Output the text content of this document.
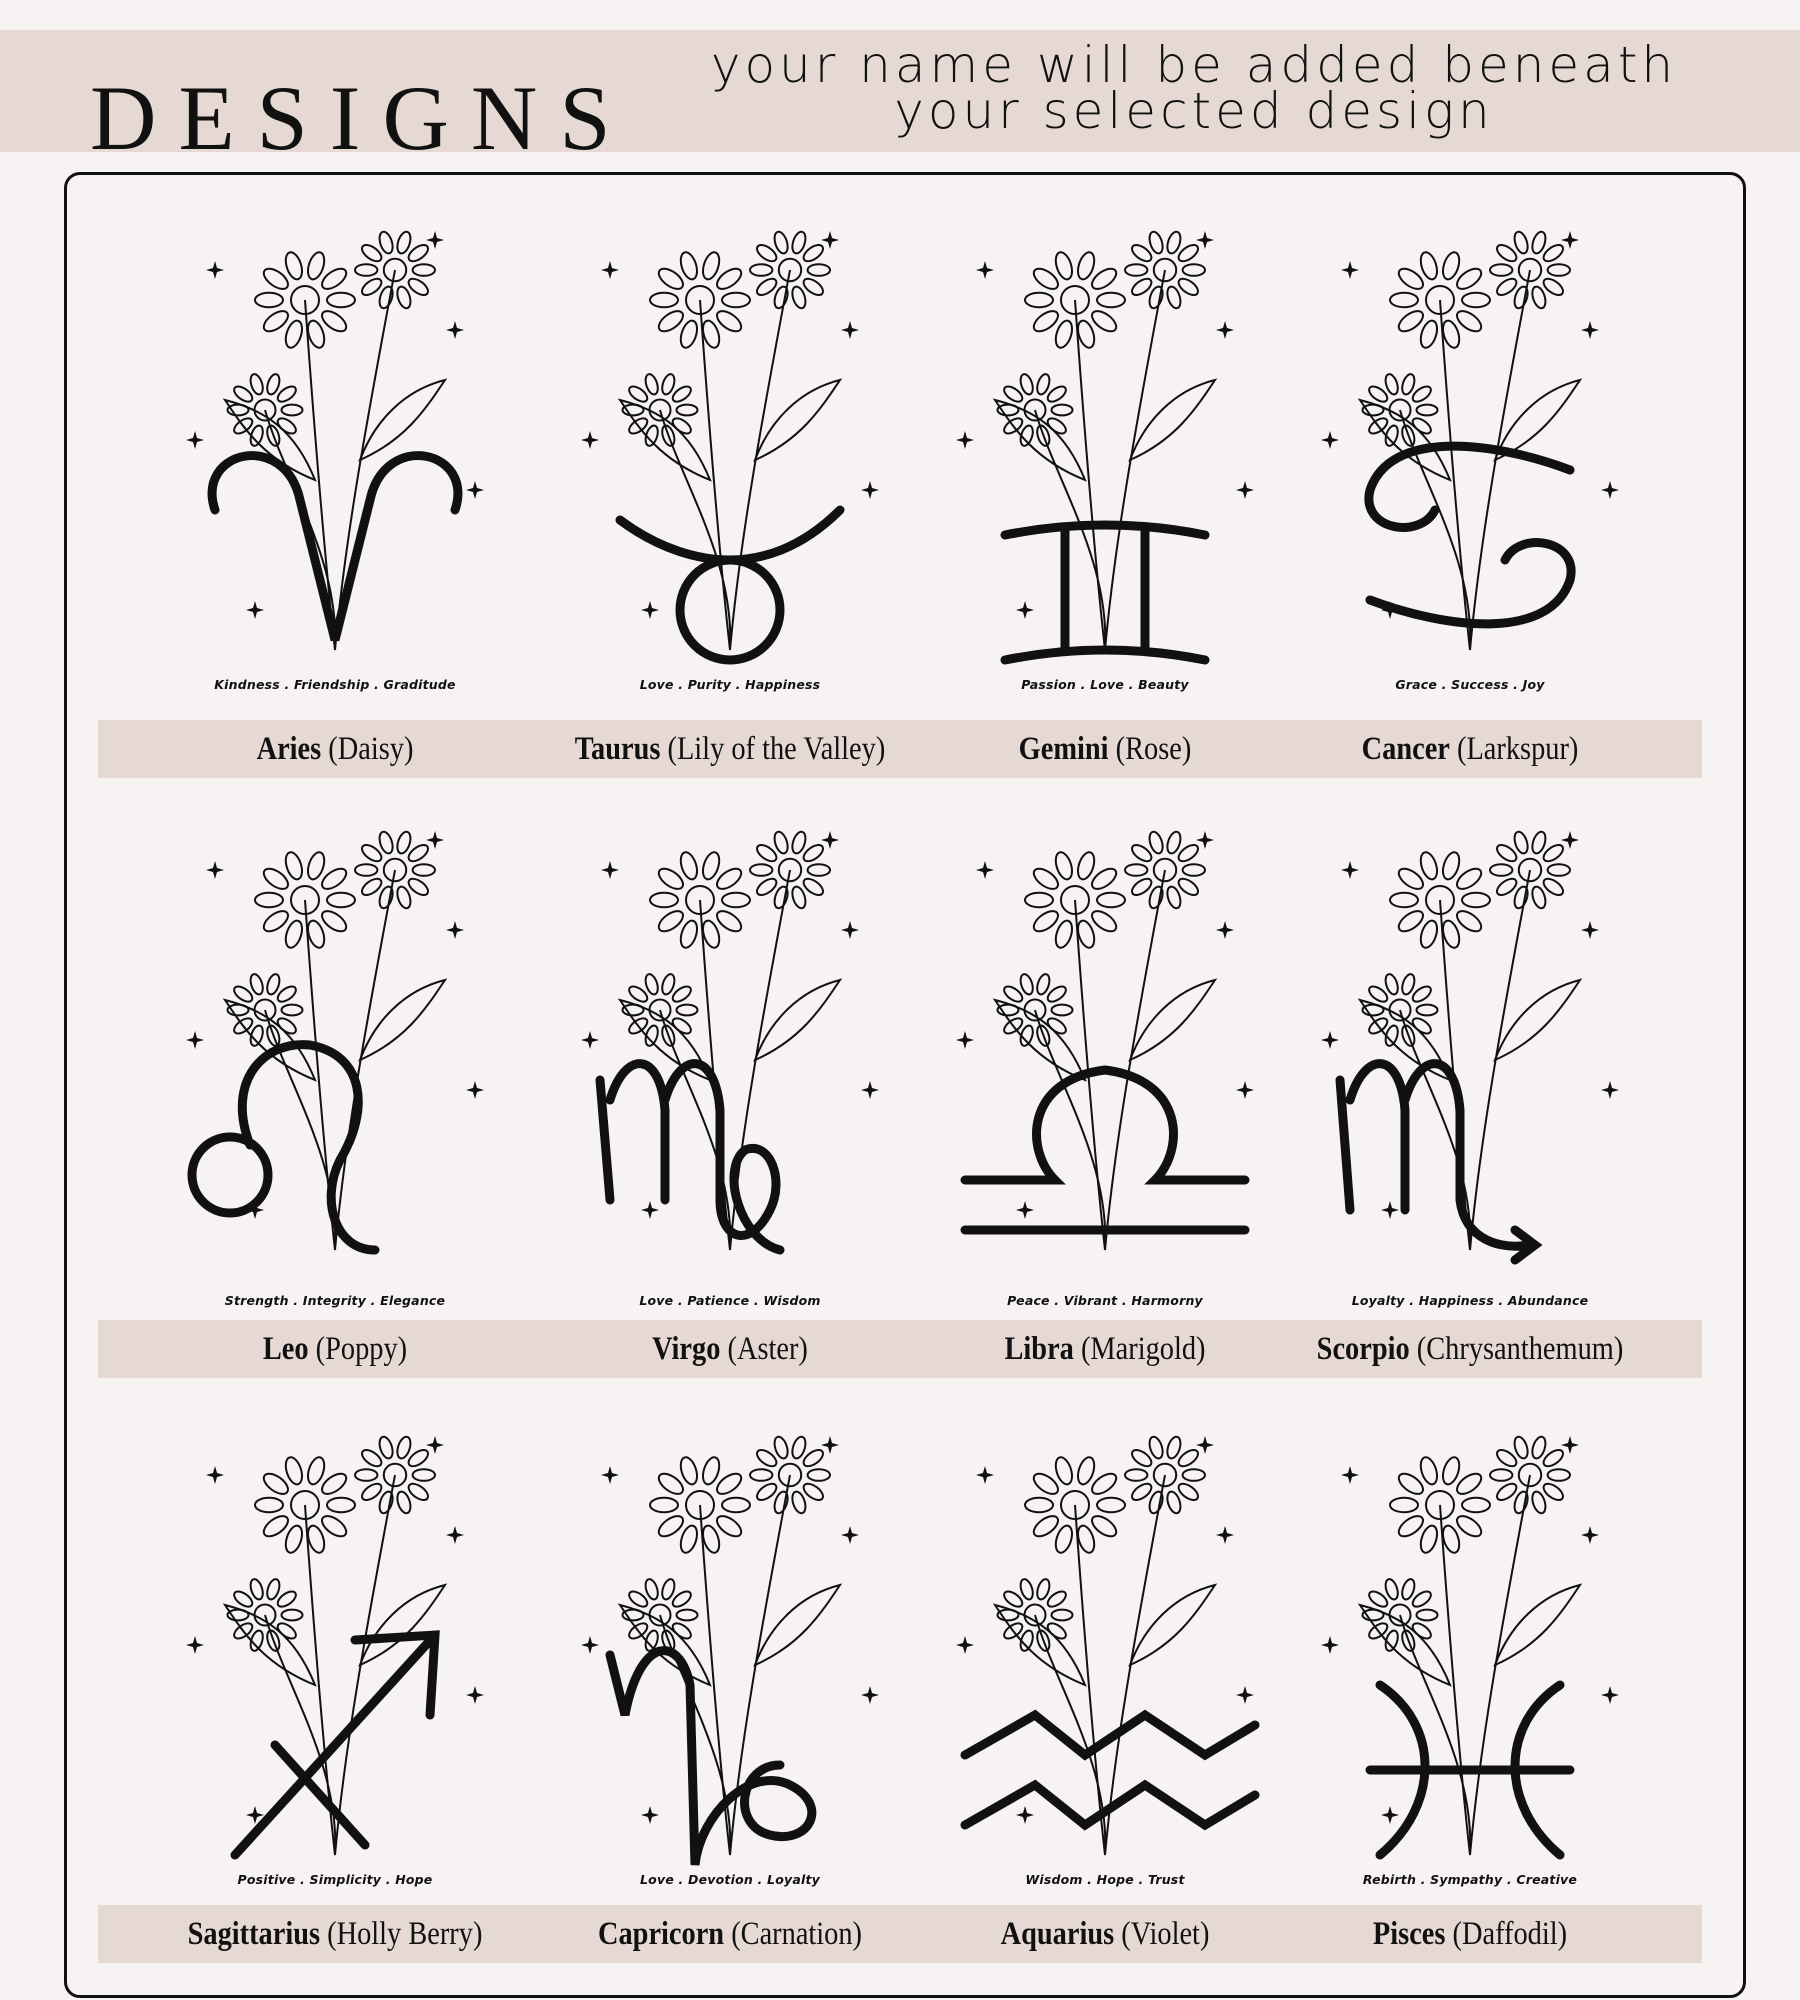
DESIGNS
your name will be added beneath
your selected design
Kindness . Friendship . Graditude
Aries (Daisy)
Love . Purity . Happiness
Taurus (Lily of the Valley)
Passion . Love . Beauty
Gemini (Rose)
Grace . Success . Joy
Cancer (Larkspur)
Strength . Integrity . Elegance
Leo (Poppy)
Love . Patience . Wisdom
Virgo (Aster)
Peace . Vibrant . Harmorny
Libra (Marigold)
Loyalty . Happiness . Abundance
Scorpio (Chrysanthemum)
Positive . Simplicity . Hope
Sagittarius (Holly Berry)
Love . Devotion . Loyalty
Capricorn (Carnation)
Wisdom . Hope . Trust
Aquarius (Violet)
Rebirth . Sympathy . Creative
Pisces (Daffodil)
